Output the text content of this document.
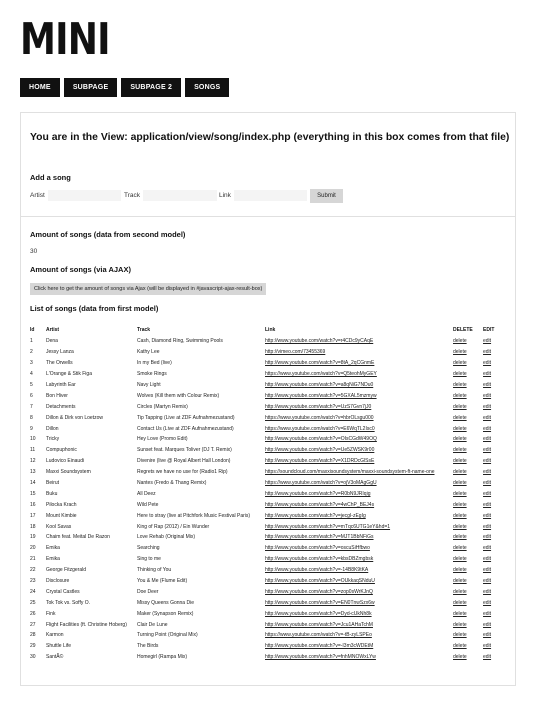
MINI
HOME	SUBPAGE	SUBPAGE 2	SONGS
You are in the View: application/view/song/index.php (everything in this box comes from that file)
Add a song
Artist	Track	Link	Submit
Amount of songs (data from second model)
30
Amount of songs (via AJAX)
Click here to get the amount of songs via Ajax (will be displayed in #javascript-ajax-result-box)
List of songs (data from first model)
Id	Artist	Track	Link	DELETE	EDIT
1	Dena	Cash, Diamond Ring, Swimming Pools	http://www.youtube.com/watch?v=r4CDc9yCAqE	delete	edit
2	Jessy Lanza	Kathy Lee	http://vimeo.com/73455369	delete	edit
3	The Orwells	In my Bed (live)	http://www.youtube.com/watch?v=8tA_2qCGnmE	delete	edit
4	L'Orange & Stik Figa	Smoke Rings	https://www.youtube.com/watch?v=Q5teohMyGEY	delete	edit
5	Labyrinth Ear	Navy Light	http://www.youtube.com/watch?v=a8qNiG7NDu0	delete	edit
6	Bon Hiver	Wolves (Kill them with Colour Remix)	http://www.youtube.com/watch?v=5GXAL5mzmyw	delete	edit
7	Detachments	Circles (Martyn Remix)	http://www.youtube.com/watch?v=UzS7Gvn7jJ0	delete	edit
8	Dillon & Dirk von Loetzow	Tip Tapping (Live at ZDF Aufnahmezustand)	https://www.youtube.com/watch?v=hbrOLsgu000	delete	edit
9	Dillon	Contact Us (Live at ZDF Aufnahmezustand)	https://www.youtube.com/watch?v=E6WqTL2Isc0	delete	edit
10	Tricky	Hey Love (Promo Edit)	http://www.youtube.com/watch?v=OIsCGdW49OQ	delete	edit
11	Compuphonic	Sunset feat. Marques Toliver (DJ T. Remix)	http://www.youtube.com/watch?v=Ue5ZWSK9r00	delete	edit
12	Ludovico Einaudi	Divenire (live @ Royal Albert Hall London)	http://www.youtube.com/watch?v=X1DRDcGlSsE	delete	edit
13	Maxxi Soundsystem	Regrets we have no use for (Radio1 Rip)	https://soundcloud.com/maxxisoundsystem/maxxi-soundsystem-ft-name-one	delete	edit
14	Beirut	Nantes (Fredo & Thang Remix)	https://www.youtube.com/watch?v=ojV3oMAgGgU	delete	edit
15	Buku	All Deez	http://www.youtube.com/watch?v=R0bN9JRIqig	delete	edit
16	Pilocka Krach	Wild Pete	http://www.youtube.com/watch?v=4wChP_BEJ4s	delete	edit
17	Mount Kimbie	Here to stray (live at Pitchfork Music Festival Paris)	http://www.youtube.com/watch?v=jecgI-zEgIg	delete	edit
18	Kool Savas	King of Rap (2012) / Ein Wunder	http://www.youtube.com/watch?v=mTqc6UTG1eY&hd=1	delete	edit
19	Chaim feat. Meital De Razon	Love Rehab (Original Mix)	http://www.youtube.com/watch?v=MJT1BbNFiGs	delete	edit
20	Emika	Searching	http://www.youtube.com/watch?v=oscuSiHfbwo	delete	edit
21	Emika	Sing to me	http://www.youtube.com/watch?v=kbsDBZmgbsk	delete	edit
22	George Fitzgerald	Thinking of You	http://www.youtube.com/watch?v=-14B8K9tKA	delete	edit
23	Disclosure	You & Me (Flume Edit)	http://www.youtube.com/watch?v=OUkkaqSNduU	delete	edit
24	Crystal Castles	Doe Deer	http://www.youtube.com/watch?v=zop0sWrKJnQ	delete	edit
25	Tok Tok vs. Soffy O.	Missy Queens Gonna Die	http://www.youtube.com/watch?v=EN0TnwSzx6w	delete	edit
26	Fink	Maker (Synapson Remix)	http://www.youtube.com/watch?v=Dyd-cUkNh8k	delete	edit
27	Flight Facilities (ft. Christine Hoberg)	Clair De Lune	http://www.youtube.com/watch?v=Jcu1AHaTchM	delete	edit
28	Karmon	Turning Point (Original Mix)	https://www.youtube.com/watch?v=-tB-zyLSPEo	delete	edit
29	Shuttle Life	The Birds	http://www.youtube.com/watch?v=-I3m3cWDEtM	delete	edit
30	SantÃ©	Homegirl (Rampa Mix)	http://www.youtube.com/watch?v=fnhMNOWxLYw	delete	edit
